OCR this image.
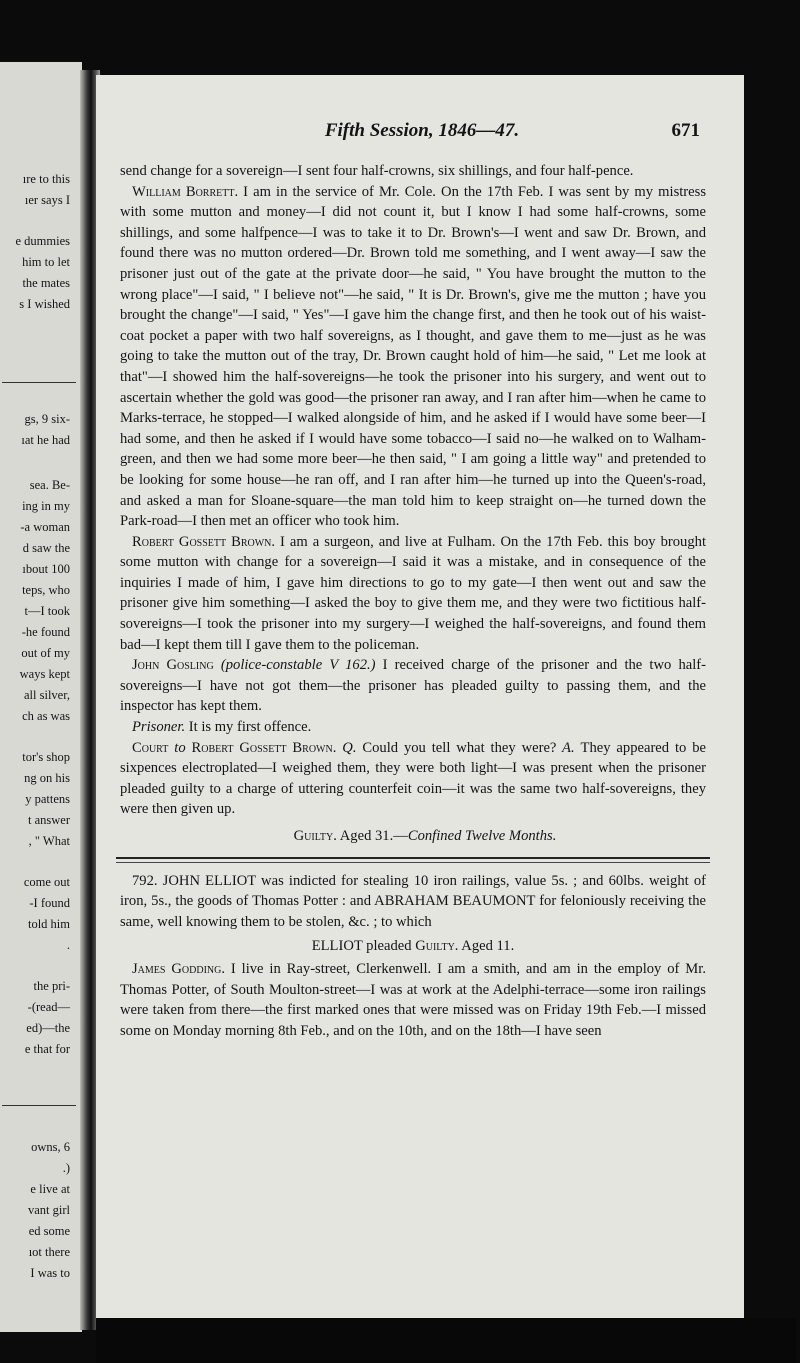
ıre to this
ıer says I
e dummies
him to let
the mates
s I wished
gs, 9 six-
ıat he had
sea. Be-
ing in my
-a woman
d saw the
ıbout 100
teps, who
t—I took
-he found
out of my
ways kept
all silver,
ch as was
tor's shop
ng on his
y pattens
t answer
, " What
come out
-I found
told him
.
the pri-
-(read—
ed)—the
e that for
owns, 6
.)
e live at
vant girl
ed some
ıot there
I was to
Fifth Session, 1846—47.	671

send change for a sovereign—I sent four half-crowns, six shillings, and four half-pence.

William Borrett. I am in the service of Mr. Cole. On the 17th Feb. I was sent by my mistress with some mutton and money—I did not count it, but I know I had some half-crowns, some shillings, and some halfpence—I was to take it to Dr. Brown's—I went and saw Dr. Brown, and found there was no mutton ordered—Dr. Brown told me something, and I went away—I saw the prisoner just out of the gate at the private door—he said, " You have brought the mutton to the wrong place"—I said, " I believe not"—he said, " It is Dr. Brown's, give me the mutton ; have you brought the change"—I said, " Yes"—I gave him the change first, and then he took out of his waist-coat pocket a paper with two half sovereigns, as I thought, and gave them to me—just as he was going to take the mutton out of the tray, Dr. Brown caught hold of him—he said, " Let me look at that"—I showed him the half-sovereigns—he took the prisoner into his surgery, and went out to ascertain whether the gold was good—the prisoner ran away, and I ran after him—when he came to Marks-terrace, he stopped—I walked alongside of him, and he asked if I would have some beer—I had some, and then he asked if I would have some tobacco—I said no—he walked on to Walham-green, and then we had some more beer—he then said, " I am going a little way" and pretended to be looking for some house—he ran off, and I ran after him—he turned up into the Queen's-road, and asked a man for Sloane-square—the man told him to keep straight on—he turned down the Park-road—I then met an officer who took him.

Robert Gossett Brown. I am a surgeon, and live at Fulham. On the 17th Feb. this boy brought some mutton with change for a sovereign—I said it was a mistake, and in consequence of the inquiries I made of him, I gave him directions to go to my gate—I then went out and saw the prisoner give him something—I asked the boy to give them me, and they were two fictitious half-sovereigns—I took the prisoner into my surgery—I weighed the half-sovereigns, and found them bad—I kept them till I gave them to the policeman.

John Gosling (police-constable V 162.) I received charge of the prisoner and the two half-sovereigns—I have not got them—the prisoner has pleaded guilty to passing them, and the inspector has kept them.

Prisoner. It is my first offence.

Court to Robert Gossett Brown. Q. Could you tell what they were? A. They appeared to be sixpences electroplated—I weighed them, they were both light—I was present when the prisoner pleaded guilty to a charge of uttering counterfeit coin—it was the same two half-sovereigns, they were then given up.

Guilty. Aged 31.—Confined Twelve Months.

792. JOHN ELLIOT was indicted for stealing 10 iron railings, value 5s. ; and 60lbs. weight of iron, 5s., the goods of Thomas Potter : and ABRAHAM BEAUMONT for feloniously receiving the same, well knowing them to be stolen, &c. ; to which

ELLIOT pleaded Guilty. Aged 11.

James Godding. I live in Ray-street, Clerkenwell. I am a smith, and am in the employ of Mr. Thomas Potter, of South Moulton-street—I was at work at the Adelphi-terrace—some iron railings were taken from there—the first marked ones that were missed was on Friday 19th Feb.—I missed some on Monday morning 8th Feb., and on the 10th, and on the 18th—I have seen
